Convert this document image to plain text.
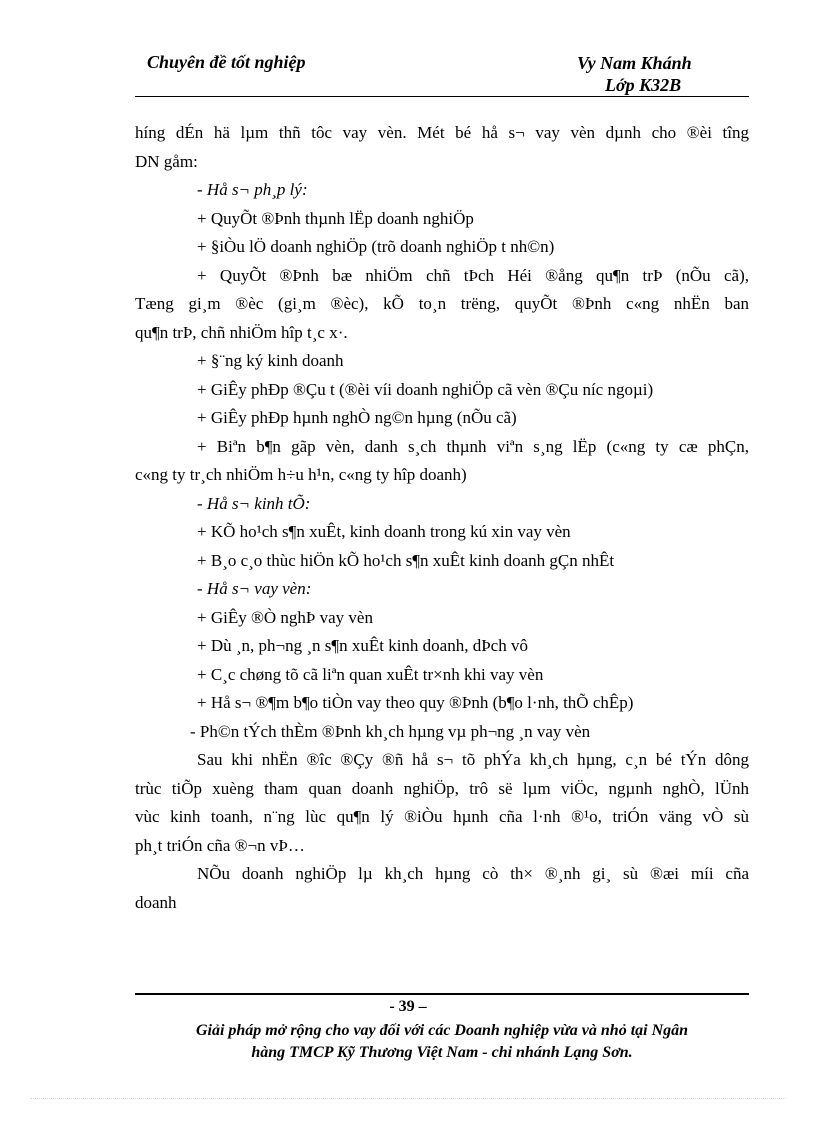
Chuyên đề tốt nghiệp	Vy Nam Khánh
Lớp K32B
híng dÉn hä lµm thñ tôc vay vèn. Mét bé hå s¬ vay vèn dµnh cho ®èi tîng
DN gåm:
- Hå s¬ ph¸p lý:
+ QuyÕt ®Þnh thµnh lËp doanh nghiÖp
+ §iÒu lÖ doanh nghiÖp (trõ doanh nghiÖp t nh©n)
+ QuyÕt ®Þnh bæ nhiÖm chñ tÞch Héi ®ång qu¶n trÞ (nÕu cã),
Tæng gi¸m ®èc (gi¸m ®èc), kÕ to¸n trëng, quyÕt ®Þnh c«ng nhËn ban
qu¶n trÞ, chñ nhiÖm hîp t¸c x·.
+ §¨ng ký kinh doanh
+ GiÊy phÐp ®Çu t (®èi víi doanh nghiÖp cã vèn ®Çu níc ngoµi)
+ GiÊy phÐp hµnh nghÒ ng©n hµng (nÕu cã)
+ Biªn b¶n gãp vèn, danh s¸ch thµnh viªn s¸ng lËp (c«ng ty cæ phÇn,
c«ng ty tr¸ch nhiÖm h÷u h¹n, c«ng ty hîp doanh)
- Hå s¬ kinh tÕ:
+ KÕ ho¹ch s¶n xuÊt, kinh doanh trong kú xin vay vèn
+ B¸o c¸o thùc hiÖn kÕ ho¹ch s¶n xuÊt kinh doanh gÇn nhÊt
- Hå s¬ vay vèn:
+ GiÊy ®Ò nghÞ vay vèn
+ Dù ¸n, ph¬ng ¸n s¶n xuÊt kinh doanh, dÞch vô
+ C¸c chøng tõ cã liªn quan xuÊt tr×nh khi vay vèn
+ Hå s¬ ®¶m b¶o tiÒn vay theo quy ®Þnh (b¶o l·nh, thÕ chÊp)
- Ph©n tÝch thÈm ®Þnh kh¸ch hµng vµ ph¬ng ¸n vay vèn
Sau khi nhËn ®îc ®Çy ®ñ hå s¬ tõ phÝa kh¸ch hµng, c¸n bé tÝn dông
trùc tiÕp xuèng tham quan doanh nghiÖp, trô së lµm viÖc, ngµnh nghÒ, lÜnh
vùc kinh toanh, n¨ng lùc qu¶n lý ®iÒu hµnh cña l·nh ®¹o, triÓn väng vÒ sù
ph¸t triÓn cña ®¬n vÞ…
NÕu doanh nghiÖp lµ kh¸ch hµng cò th× ®¸nh gi¸ sù ®æi míi cña
doanh
- 39 –
Giải pháp mở rộng cho vay đối với các Doanh nghiệp vừa và nhỏ tại Ngân
hàng TMCP Kỹ Thương Việt Nam - chi nhánh Lạng Sơn.
